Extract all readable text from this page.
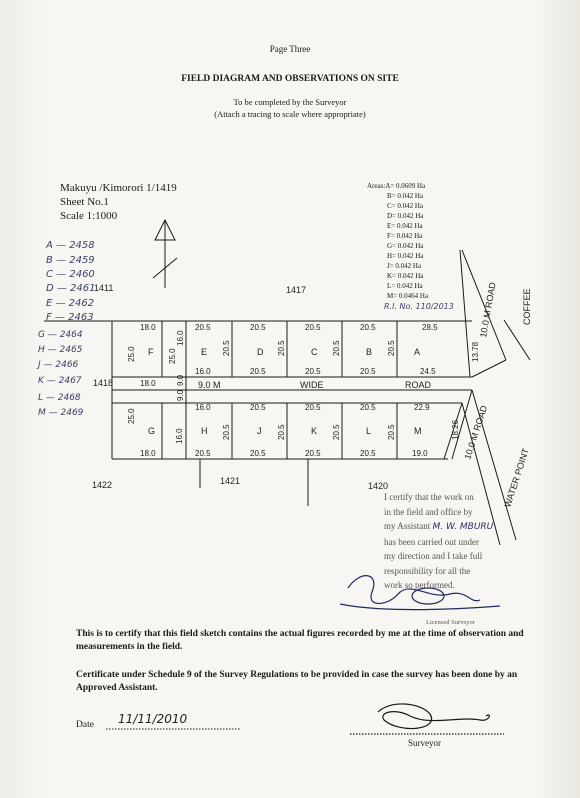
Page Three
FIELD DIAGRAM AND OBSERVATIONS ON SITE
To be completed by the Surveyor
(Attach a tracing to scale where appropriate)
Makuyu /Kimorori 1/1419
Sheet No.1
Scale 1:1000
Areas:A= 0.0609 Ha
B= 0.042 Ha
C= 0.042 Ha
D= 0.042 Ha
E= 0.042 Ha
F= 0.042 Ha
G= 0.042 Ha
H= 0.042 Ha
J= 0.042 Ha
K= 0.042 Ha
L= 0.042 Ha
M= 0.0464 Ha
R.I. No. 110/2013
A — 2458
B — 2459
C — 2460
D — 2461
E — 2462
F — 2463
G — 2464
H — 2465
J — 2466
K — 2467
L — 2468
M — 2469
1411	1417
1418
1422	1421	1420
F	E	D	C	B	A
G	H	J	K	L	M
9.0 M	WIDE	ROAD
10.0 M ROAD
10.0 M ROAD
WATER POINT
COFFEE
18.0	20.5	20.5	20.5	20.5	28.5
16.0	20.5	20.5	20.5	24.5
18.0
16.0	20.5	20.5	20.5	22.9
18.0	20.5	20.5	20.5	20.5	19.0
25.0	25.0
16.0
20.5	20.5	20.5	20.5	13.78
9.0
25.0
16.0	20.5	20.5	20.5	20.5
9.0
18.26
I certify that the work on
in the field and office by
my Assistant M. W. MBURU
has been carried out under
my direction and I take full
responsibility for all the
work so performed.
Licensed Surveyor
This is to certify that this field sketch contains the actual figures recorded by me at the time of observation and measurements in the field.
Certificate under Schedule 9 of the Survey Regulations to be provided in case the survey has been done by an Approved Assistant.
Date 11/11/2010
Surveyor
